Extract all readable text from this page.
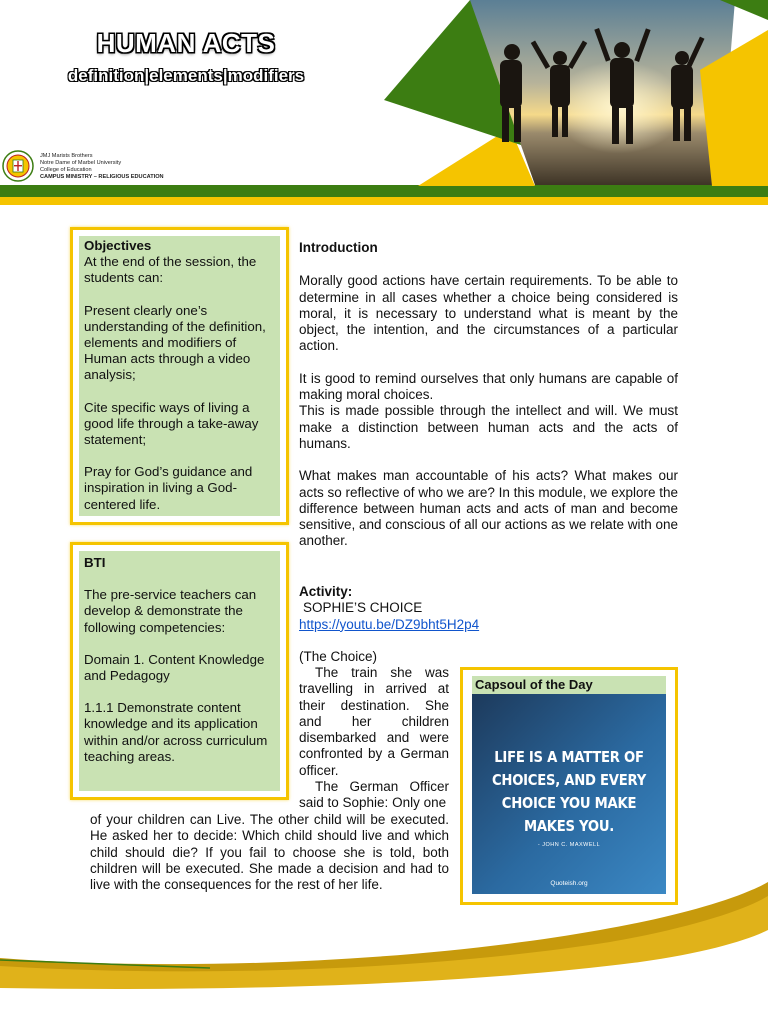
HUMAN ACTS
definition|elements|modifiers
JMJ Marists Brothers
Notre Dame of Marbel University
College of Education
CAMPUS MINISTRY – RELIGIOUS EDUCATION

Objectives

At the end of the session, the students can:

Present clearly one’s understanding of the definition, elements and modifiers of Human acts through a video analysis;

Cite specific ways of living a good life through a take-away statement;

Pray for God’s guidance and inspiration in living a God-centered life.

BTI

The pre-service teachers can develop & demonstrate the following competencies:

Domain 1. Content Knowledge and Pedagogy

1.1.1 Demonstrate content knowledge and its application within and/or across curriculum teaching areas.

Introduction

Morally good actions have certain requirements. To be able to determine in all cases whether a choice being considered is moral, it is necessary to understand what is meant by the object, the intention, and the circumstances of a particular action.

It is good to remind ourselves that only humans are capable of making moral choices.

This is made possible through the intellect and will. We must make a distinction between human acts and the acts of humans.

What makes man accountable of his acts? What makes our acts so reflective of who we are? In this module, we explore the difference between human acts and acts of man and become sensitive, and conscious of all our actions as we relate with one another.

Activity:

SOPHIE’S CHOICE

https://youtu.be/DZ9bht5H2p4

(The Choice)

The train she was travelling in arrived at their destination. She and her children disembarked and were confronted by a German officer.
The German Officer said to Sophie: Only one
of your children can Live. The other child will be executed. He asked her to decide: Which child should live and which child should die? If you fail to choose she is told, both children will be executed. She made a decision and had to live with the consequences for the rest of her life.
Capsoul of the Day
LIFE IS A MATTER OF CHOICES, AND EVERY CHOICE YOU MAKE MAKES YOU.
- JOHN C. MAXWELL
Quoteish.org
